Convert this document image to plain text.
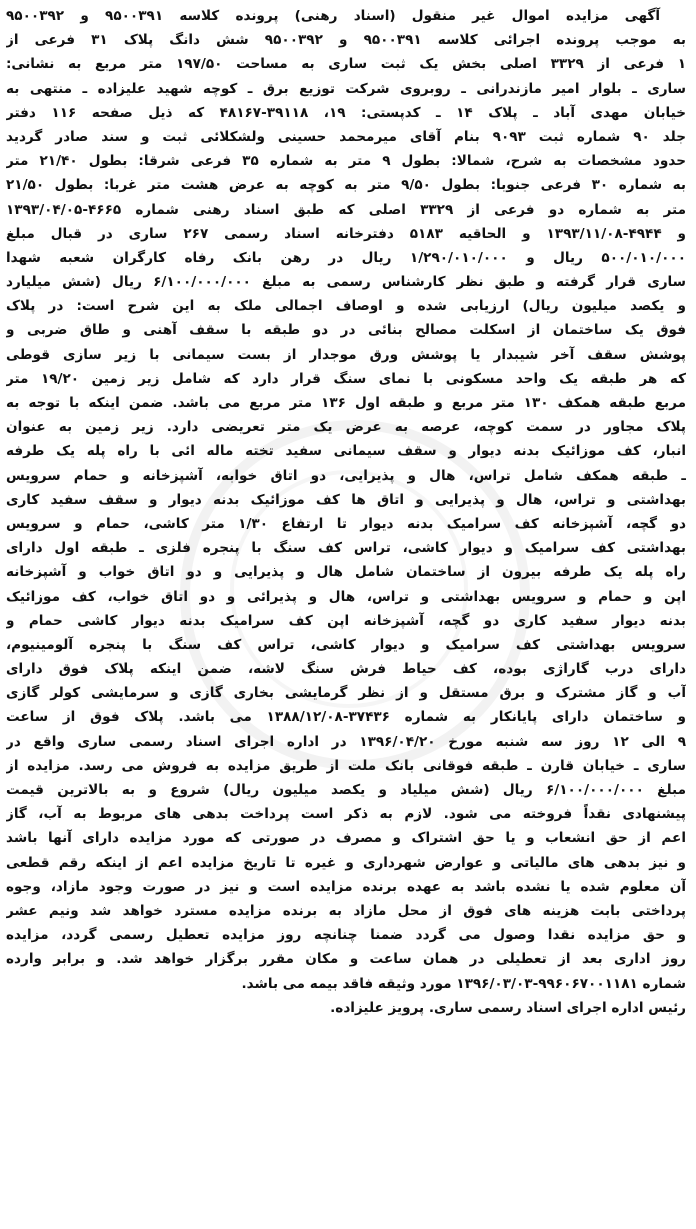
آگهی مزایده اموال غیر منقول (اسناد رهنی) پرونده کلاسه ۹۵۰۰۳۹۱ و ۹۵۰۰۳۹۲
به موجب پرونده اجرائی کلاسه ۹۵۰۰۳۹۱ و ۹۵۰۰۳۹۲ شش دانگ پلاک ۳۱ فرعی از
۱ فرعی از ۳۳۲۹ اصلی بخش یک ثبت ساری به مساحت ۱۹۷/۵۰ متر مربع به نشانی:
ساری ـ بلوار امیر مازندرانی ـ روبروی شرکت توزیع برق ـ کوچه شهید علیزاده ـ منتهی به
خیابان مهدی آباد ـ پلاک ۱۴ ـ کدپستی: ۱۹، ۳۹۱۱۸-۴۸۱۶۷ که ذیل صفحه ۱۱۶ دفتر
جلد ۹۰ شماره ثبت ۹۰۹۳ بنام آقای میرمحمد حسینی ولشکلائی ثبت و سند صادر گردید
حدود مشخصات به شرح، شمالا: بطول ۹ متر به شماره ۳۵ فرعی شرقا: بطول ۲۱/۴۰ متر
به شماره ۳۰ فرعی جنوبا: بطول ۹/۵۰ متر به کوچه به عرض هشت متر غربا: بطول ۲۱/۵۰
متر به شماره دو فرعی از ۳۳۲۹ اصلی که طبق اسناد رهنی شماره ۴۶۶۵-۱۳۹۳/۰۴/۰۵
و ۴۹۴۴-۱۳۹۳/۱۱/۰۸ و الحاقیه ۵۱۸۳ دفترخانه اسناد رسمی ۲۶۷ ساری در قبال مبلغ
۵۰۰/۰۱۰/۰۰۰ ریال و ۱/۲۹۰/۰۱۰/۰۰۰ ریال در رهن بانک رفاه کارگران شعبه شهدا
ساری قرار گرفته و طبق نظر کارشناس رسمی به مبلغ ۶/۱۰۰/۰۰۰/۰۰۰ ریال (شش میلیارد
و یکصد میلیون ریال) ارزیابی شده و اوصاف اجمالی ملک به این شرح است: در پلاک
فوق یک ساختمان از اسکلت مصالح بنائی در دو طبقه با سقف آهنی و طاق ضربی و
پوشش سقف آخر شیبدار یا پوشش ورق موجدار از بست سیمانی با زیر سازی قوطی
که هر طبقه یک واحد مسکونی با نمای سنگ قرار دارد که شامل زیر زمین ۱۹/۲۰ متر
مربع طبقه همکف ۱۳۰ متر مربع و طبقه اول ۱۳۶ متر مربع می باشد. ضمن اینکه با توجه به
پلاک مجاور در سمت کوچه، عرصه به عرض یک متر تعریضی دارد. زیر زمین به عنوان
انبار، کف موزائیک بدنه دیوار و سقف سیمانی سفید تخته ماله ائی با راه پله یک طرفه
ـ طبقه همکف شامل تراس، هال و پذیرایی، دو اتاق خوابه، آشپزخانه و حمام سرویس
بهداشتی و تراس، هال و پذیرایی و اتاق ها کف موزائیک بدنه دیوار و سقف سفید کاری
دو گچه، آشپزخانه کف سرامیک بدنه دیوار تا ارتفاع ۱/۳۰ متر کاشی، حمام و سرویس
بهداشتی کف سرامیک و دیوار کاشی، تراس کف سنگ با پنجره فلزی ـ طبقه اول دارای
راه پله یک طرفه بیرون از ساختمان شامل هال و پذیرایی و دو اتاق خواب و آشپزخانه
اپن و حمام و سرویس بهداشتی و تراس، هال و پذیرائی و دو اتاق خواب، کف موزائیک
بدنه دیوار سفید کاری دو گچه، آشپزخانه اپن کف سرامیک بدنه دیوار کاشی حمام و
سرویس بهداشتی کف سرامیک و دیوار کاشی، تراس کف سنگ با پنجره آلومینیوم،
دارای درب گاراژی بوده، کف حیاط فرش سنگ لاشه، ضمن اینکه پلاک فوق دارای
آب و گاز مشترک و برق مستقل و از نظر گرمایشی بخاری گازی و سرمایشی کولر گازی
و ساختمان دارای پایانکار به شماره ۳۷۴۳۶-۱۳۸۸/۱۲/۰۸ می باشد. پلاک فوق از ساعت
۹ الی ۱۲ روز سه شنبه مورخ ۱۳۹۶/۰۴/۲۰ در اداره اجرای اسناد رسمی ساری واقع در
ساری ـ خیابان قارن ـ طبقه فوقانی بانک ملت از طریق مزایده به فروش می رسد. مزایده از
مبلغ ۶/۱۰۰/۰۰۰/۰۰۰ ریال (شش میلیاد و یکصد میلیون ریال) شروع و به بالاترین قیمت
پیشنهادی نقداً فروخته می شود. لازم به ذکر است پرداخت بدهی های مربوط به آب، گاز
اعم از حق انشعاب و یا حق اشتراک و مصرف در صورتی که مورد مزایده دارای آنها باشد
و نیز بدهی های مالیاتی و عوارض شهرداری و غیره تا تاریخ مزایده اعم از اینکه رقم قطعی
آن معلوم شده یا نشده باشد به عهده برنده مزایده است و نیز در صورت وجود مازاد، وجوه
پرداختی بابت هزینه های فوق از محل مازاد به برنده مزایده مسترد خواهد شد ونیم عشر
و حق مزایده نقدا وصول می گردد ضمنا چنانچه روز مزایده تعطیل رسمی گردد، مزایده
روز اداری بعد از تعطیلی در همان ساعت و مکان مقرر برگزار خواهد شد. و برابر وارده
شماره ۹۹۶۰۶۷۰۰۱۱۸۱-۱۳۹۶/۰۳/۰۳ مورد وثیقه فاقد بیمه می باشد.
رئیس اداره اجرای اسناد رسمی ساری. پرویز علیزاده.
